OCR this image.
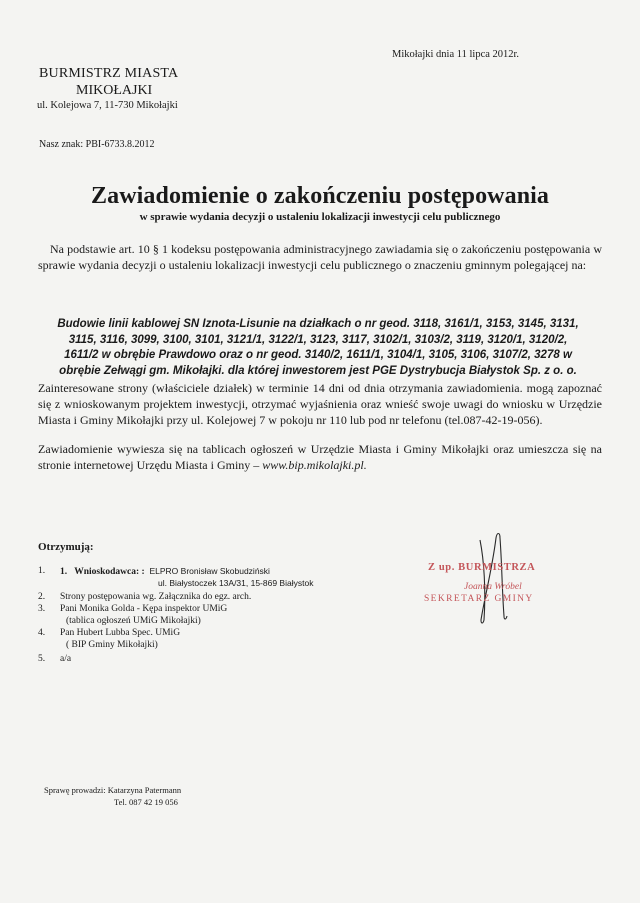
Mikołajki dnia 11 lipca 2012r.
BURMISTRZ MIASTA
MIKOŁAJKI
ul. Kolejowa 7, 11-730 Mikołajki
Nasz znak: PBI-6733.8.2012
Zawiadomienie o zakończeniu postępowania
w sprawie wydania decyzji o ustaleniu lokalizacji inwestycji celu publicznego
Na podstawie art. 10 § 1 kodeksu postępowania administracyjnego zawiadamia się o zakończeniu postępowania w sprawie wydania decyzji o ustaleniu lokalizacji inwestycji celu publicznego o znaczeniu gminnym polegającej na:
Budowie linii kablowej SN Iznota-Lisunie na działkach o nr geod. 3118, 3161/1, 3153, 3145, 3131,
3115, 3116, 3099, 3100, 3101, 3121/1, 3122/1, 3123, 3117, 3102/1, 3103/2, 3119, 3120/1, 3120/2,
1611/2 w obrębie Prawdowo oraz o nr geod. 3140/2, 1611/1, 3104/1, 3105, 3106, 3107/2, 3278 w
obrębie Zełwągi gm. Mikołajki. dla której inwestorem jest PGE Dystrybucja Białystok Sp. z o. o.
Zainteresowane strony (właściciele działek) w terminie 14 dni od dnia otrzymania zawiadomienia. mogą zapoznać się z wnioskowanym projektem inwestycji, otrzymać wyjaśnienia oraz wnieść swoje uwagi do wniosku w Urzędzie Miasta i Gminy Mikołajki przy ul. Kolejowej 7 w pokoju nr 110 lub pod nr telefonu (tel.087-42-19-056).
Zawiadomienie wywiesza się na tablicach ogłoszeń w Urzędzie Miasta i Gminy Mikołajki oraz umieszcza się na stronie internetowej Urzędu Miasta i Gminy – www.bip.mikolajki.pl.
Otrzymują:
1.	1. Wnioskodawca: : ELPRO Bronisław Skobudziński
ul. Białystoczek 13A/31, 15-869 Białystok
2.	Strony postępowania wg. Załącznika do egz. arch.
3.	Pani Monika Golda - Kępa inspektor UMiG
(tablica ogłoszeń UMiG Mikołajki)
4.	Pan Hubert Lubba Spec. UMiG
( BIP Gminy Mikołajki)
5.	a/a
Z up. BURMISTRZA
Joanna Wróbel
SEKRETARZ GMINY
Sprawę prowadzi: Katarzyna Patermann
Tel. 087 42 19 056
